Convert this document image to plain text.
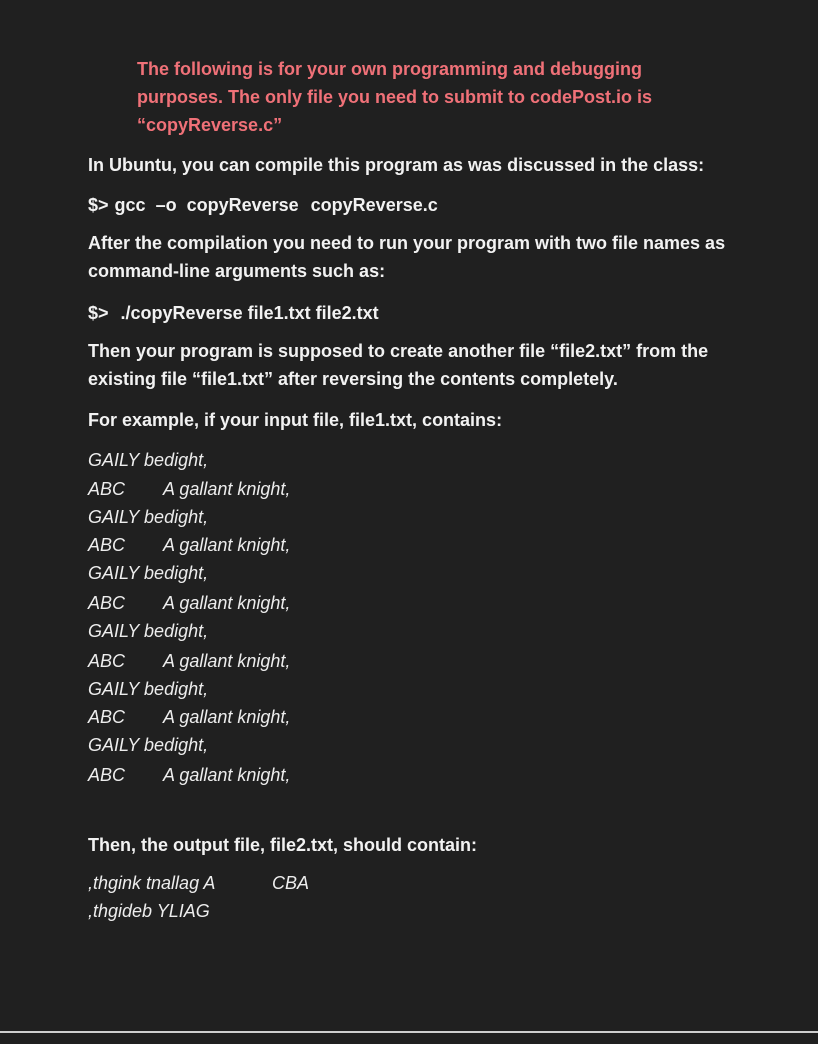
The following is for your own programming and debugging purposes. The only file you need to submit to codePost.io is “copyReverse.c”
In Ubuntu, you can compile this program as was discussed in the class:
$> gcc –o copyReverse copyReverse.c
After the compilation you need to run your program with two file names as command-line arguments such as:
$> ./copyReverse file1.txt file2.txt
Then your program is supposed to create another file “file2.txt” from the existing file “file1.txt” after reversing the contents completely.
For example, if your input file, file1.txt, contains:
GAILY bedight,
ABC A gallant knight,
GAILY bedight,
ABC A gallant knight,
GAILY bedight,
ABC A gallant knight,
GAILY bedight,
ABC A gallant knight,
GAILY bedight,
ABC A gallant knight,
GAILY bedight,
ABC A gallant knight,
Then, the output file, file2.txt, should contain:
,thgink tnallag A	CBA
,thgideb YLIAG
